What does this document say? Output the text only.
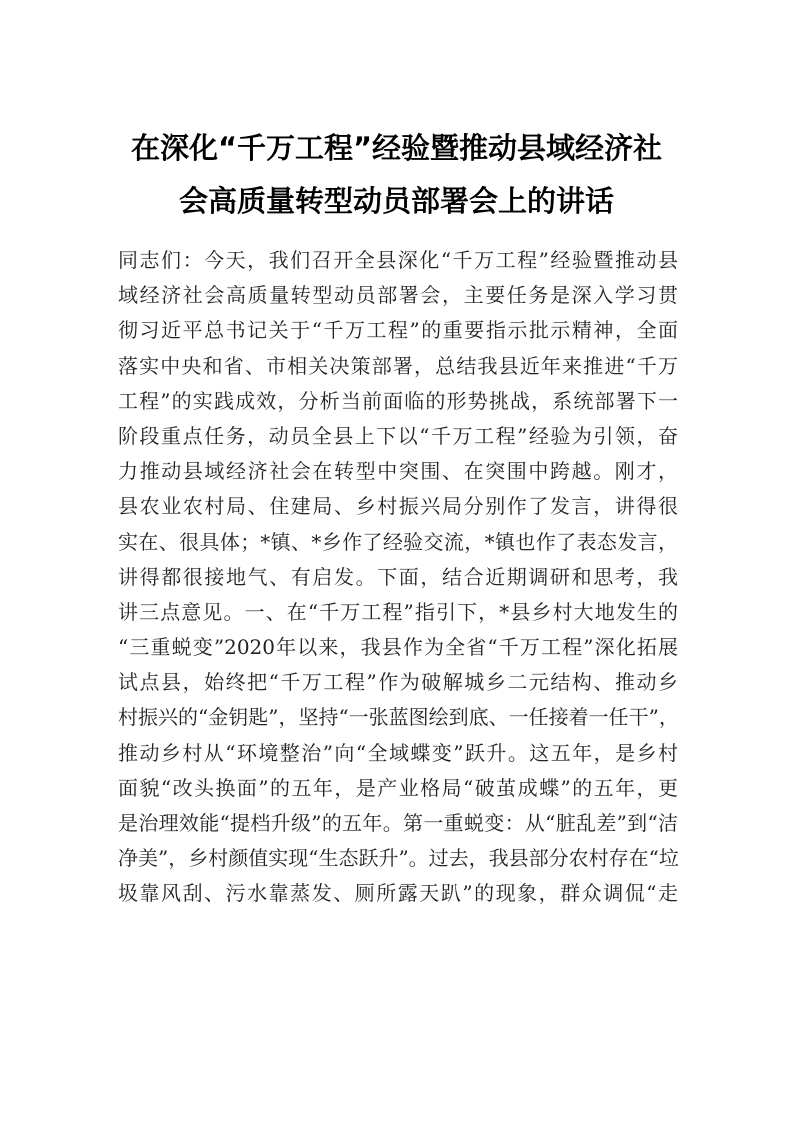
在深化“千万工程”经验暨推动县域经济社
会高质量转型动员部署会上的讲话
同志们：今天，我们召开全县深化“千万工程”经验暨推动县
域经济社会高质量转型动员部署会，主要任务是深入学习贯
彻习近平总书记关于“千万工程”的重要指示批示精神，全面
落实中央和省、市相关决策部署，总结我县近年来推进“千万
工程”的实践成效，分析当前面临的形势挑战，系统部署下一
阶段重点任务，动员全县上下以“千万工程”经验为引领，奋
力推动县域经济社会在转型中突围、在突围中跨越。刚才，
县农业农村局、住建局、乡村振兴局分别作了发言，讲得很
实在、很具体；*镇、*乡作了经验交流，*镇也作了表态发言，
讲得都很接地气、有启发。下面，结合近期调研和思考，我
讲三点意见。一、在“千万工程”指引下，*县乡村大地发生的
“三重蜕变”2020年以来，我县作为全省“千万工程”深化拓展
试点县，始终把“千万工程”作为破解城乡二元结构、推动乡
村振兴的“金钥匙”，坚持“一张蓝图绘到底、一任接着一任干”，
推动乡村从“环境整治”向“全域蝶变”跃升。这五年，是乡村
面貌“改头换面”的五年，是产业格局“破茧成蝶”的五年，更
是治理效能“提档升级”的五年。第一重蜕变：从“脏乱差”到“洁
净美”，乡村颜值实现“生态跃升”。过去，我县部分农村存在“垃
圾靠风刮、污水靠蒸发、厕所露天趴”的现象，群众调侃“走
